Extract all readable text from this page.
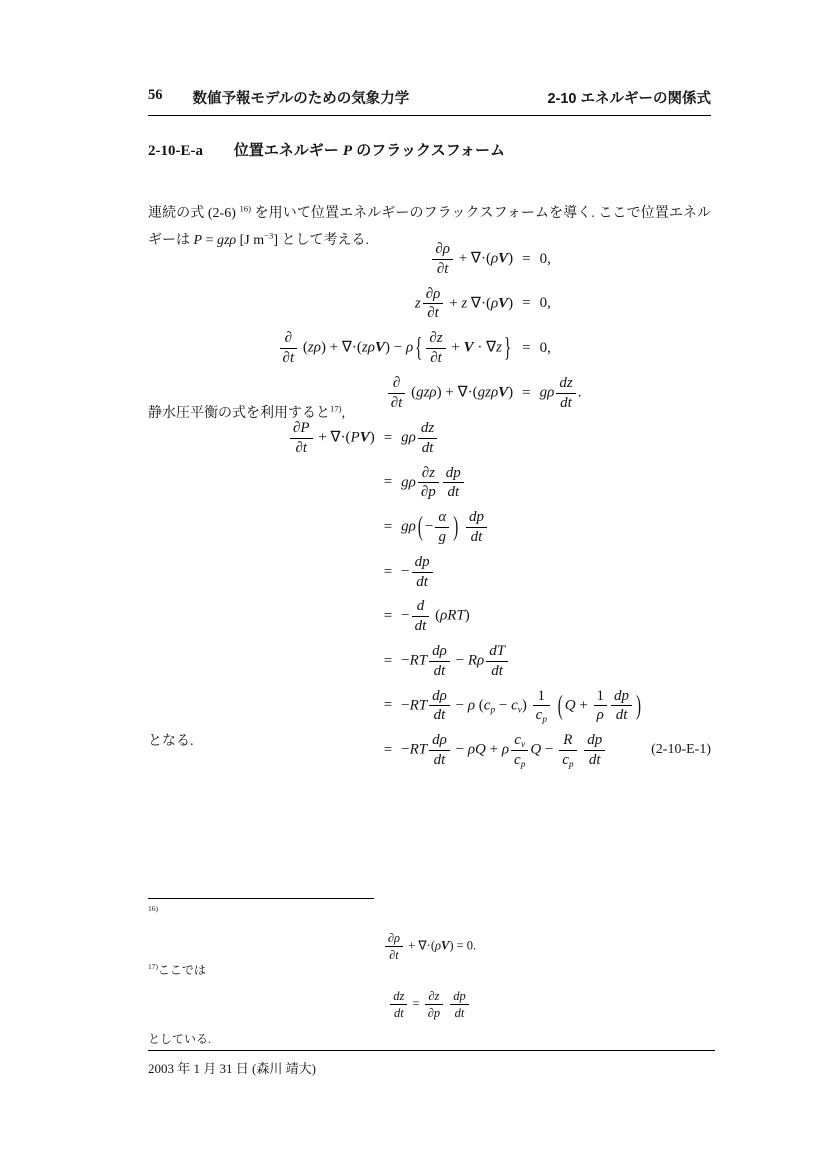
56 数値予報モデルのための気象力学	2-10 エネルギーの関係式
2-10-E-a 位置エネルギー P のフラックスフォーム

連続の式 (2-6) $^{16)}$ を用いて位置エネルギーのフラックスフォームを導く. ここで位置エネルギーは P = gzρ [J $m^{-3}$] として考える.

$\frac{\partial\rho}{\partial t} + \nabla\cdot(\rho V)$	=	0,
z $\frac{\partial\rho}{\partial t} + z$ ∇·(ρV)	=	0,

$\frac{\partial}{\partial t} (z\rho) + \nabla\cdot(z\rho V) - \rho$ { $\frac{\partial z}{\partial t} + V \cdot \nabla z$ }	=	0,

$\frac{\partial}{\partial t} (gz\rho) + \nabla\cdot(gz\rho V)$	=	gρ $\frac{dz}{dt}$ .

静水圧平衡の式を利用すると$^{17)}$,

$\frac{\partial P}{\partial t} + \nabla\cdot(PV)$	=	gρ $\frac{dz}{dt}$

	=	gρ $\frac{\partial z}{\partial p} \frac{dp}{dt}$

	=	gρ ( − $\frac{\alpha}{g}$ ) $\frac{dp}{dt}$

	=	− $\frac{dp}{dt}$

	=	− $\frac{d}{dt} (\rho RT)$
	=	$-RT \frac{d\rho}{dt} - R\rho \frac{dT}{dt}$

	=	$-RT \frac{d\rho}{dt} - \rho$ $(c_p - c_v) \frac{1}{c_p}$ ( $Q + \frac{1}{\rho} \frac{dp}{dt}$ )
	=	$-RT \frac{d\rho}{dt} - \rho Q + \rho \frac{c_v}{c_p}$ $Q - \frac{R}{c_p}$
$\frac{dp}{dt}$	(2-10-E-1)

となる.

$^{16)}$
$\frac{\partial\rho}{\partial t} + \nabla\cdot(\rho V) = 0$.
$^{17)}$ここでは
$\frac{dz}{dt} = \frac{\partial z}{\partial p}$
$\frac{dp}{dt}$
としている.
2003 年 1 月 31 日 (森川 靖大)
